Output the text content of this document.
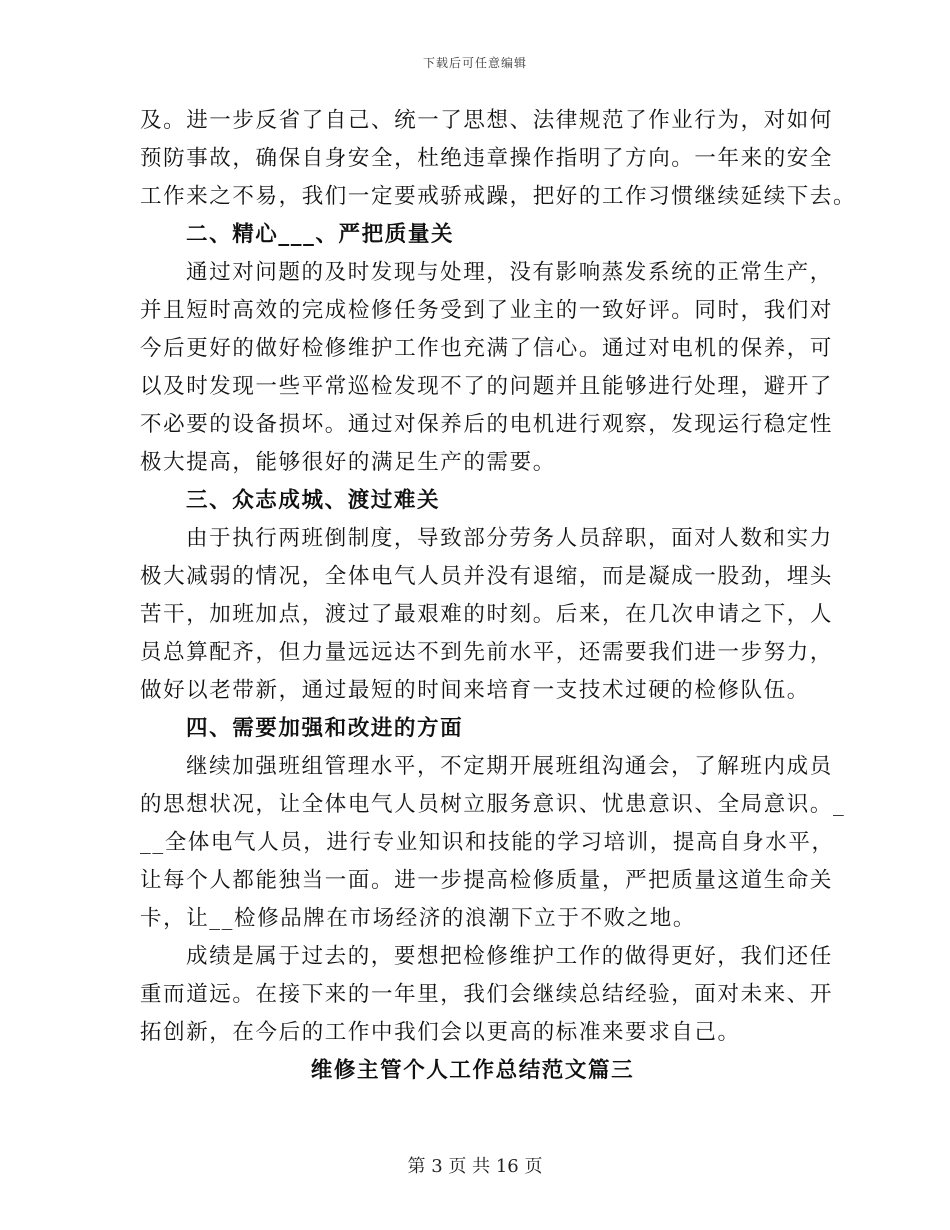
下载后可任意编辑
及。进一步反省了自己、统一了思想、法律规范了作业行为，对如何
预防事故，确保自身安全，杜绝违章操作指明了方向。一年来的安全
工作来之不易，我们一定要戒骄戒躁，把好的工作习惯继续延续下去。
二、精心___、严把质量关
通过对问题的及时发现与处理，没有影响蒸发系统的正常生产，
并且短时高效的完成检修任务受到了业主的一致好评。同时，我们对
今后更好的做好检修维护工作也充满了信心。通过对电机的保养，可
以及时发现一些平常巡检发现不了的问题并且能够进行处理，避开了
不必要的设备损坏。通过对保养后的电机进行观察，发现运行稳定性
极大提高，能够很好的满足生产的需要。
三、众志成城、渡过难关
由于执行两班倒制度，导致部分劳务人员辞职，面对人数和实力
极大减弱的情况，全体电气人员并没有退缩，而是凝成一股劲，埋头
苦干，加班加点，渡过了最艰难的时刻。后来，在几次申请之下，人
员总算配齐，但力量远远达不到先前水平，还需要我们进一步努力，
做好以老带新，通过最短的时间来培育一支技术过硬的检修队伍。
四、需要加强和改进的方面
继续加强班组管理水平，不定期开展班组沟通会，了解班内成员
的思想状况，让全体电气人员树立服务意识、忧患意识、全局意识。_
__全体电气人员，进行专业知识和技能的学习培训，提高自身水平，
让每个人都能独当一面。进一步提高检修质量，严把质量这道生命关
卡，让__检修品牌在市场经济的浪潮下立于不败之地。
成绩是属于过去的，要想把检修维护工作的做得更好，我们还任
重而道远。在接下来的一年里，我们会继续总结经验，面对未来、开
拓创新，在今后的工作中我们会以更高的标准来要求自己。
维修主管个人工作总结范文篇三
第 3 页 共 16 页
